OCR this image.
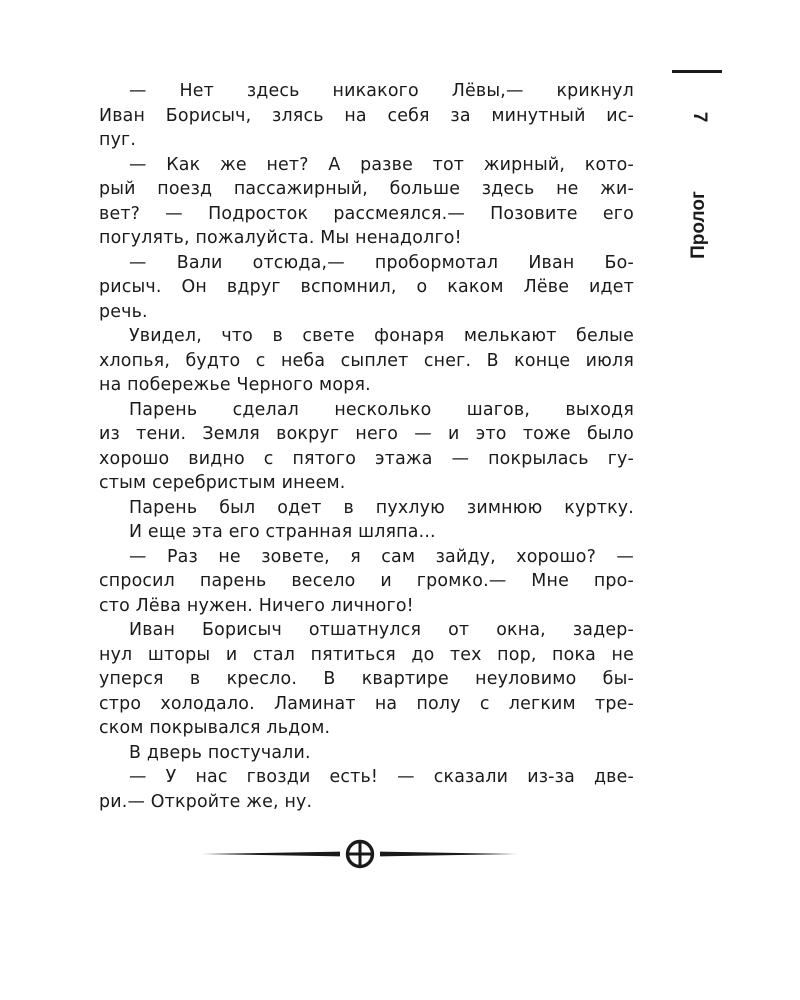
7
Пролог
— Нет здесь никакого Лёвы,— крикнул
Иван Борисыч, злясь на себя за минутный ис-
пуг.
— Как же нет? А разве тот жирный, кото-
рый поезд пассажирный, больше здесь не жи-
вет? — Подросток рассмеялся.— Позовите его
погулять, пожалуйста. Мы ненадолго!
— Вали отсюда,— пробормотал Иван Бо-
рисыч. Он вдруг вспомнил, о каком Лёве идет
речь.
Увидел, что в свете фонаря мелькают белые
хлопья, будто с неба сыплет снег. В конце июля
на побережье Черного моря.
Парень сделал несколько шагов, выходя
из тени. Земля вокруг него — и это тоже было
хорошо видно с пятого этажа — покрылась гу-
стым серебристым инеем.
Парень был одет в пухлую зимнюю куртку.
И еще эта его странная шляпа...
— Раз не зовете, я сам зайду, хорошо? —
спросил парень весело и громко.— Мне про-
сто Лёва нужен. Ничего личного!
Иван Борисыч отшатнулся от окна, задер-
нул шторы и стал пятиться до тех пор, пока не
уперся в кресло. В квартире неуловимо бы-
стро холодало. Ламинат на полу с легким тре-
ском покрывался льдом.
В дверь постучали.
— У нас гвозди есть! — сказали из-за две-
ри.— Откройте же, ну.
